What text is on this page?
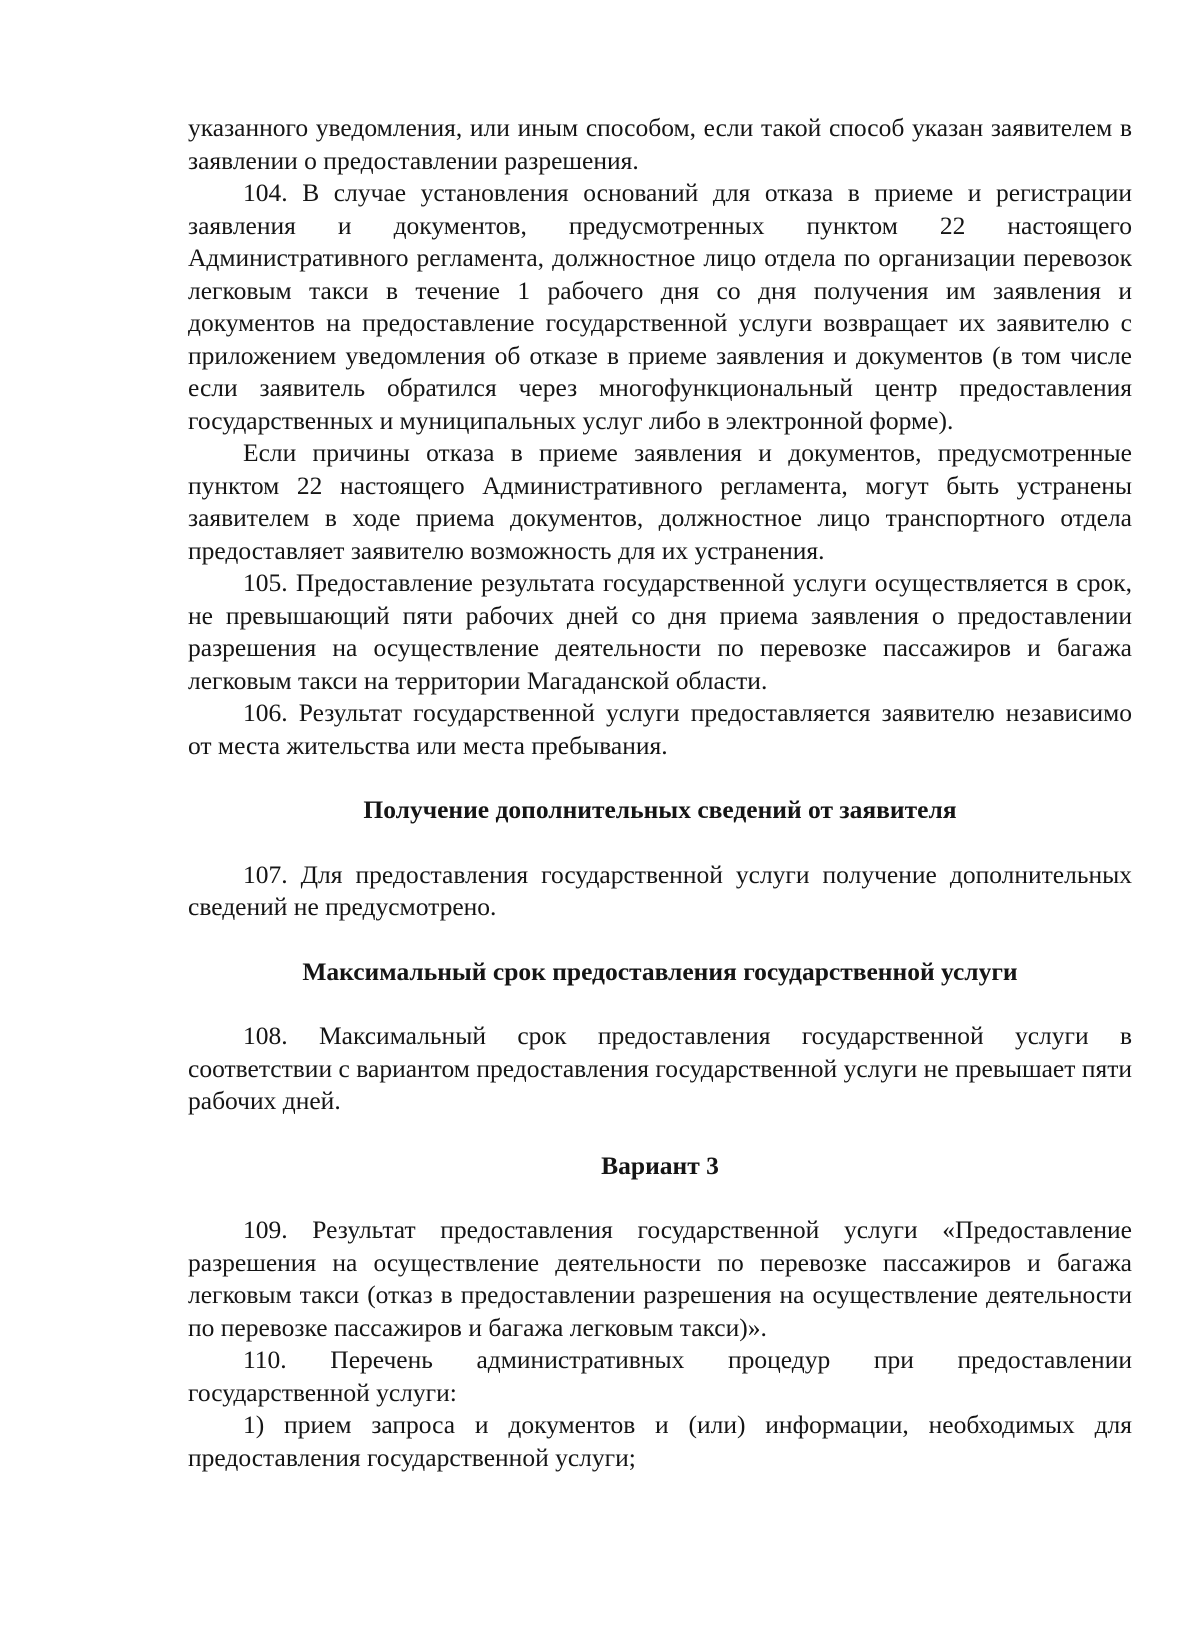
указанного уведомления, или иным способом, если такой способ указан заявителем в заявлении о предоставлении разрешения.

104. В случае установления оснований для отказа в приеме и регистрации заявления и документов, предусмотренных пунктом 22 настоящего Административного регламента, должностное лицо отдела по организации перевозок легковым такси в течение 1 рабочего дня со дня получения им заявления и документов на предоставление государственной услуги возвращает их заявителю с приложением уведомления об отказе в приеме заявления и документов (в том числе если заявитель обратился через многофункциональный центр предоставления государственных и муниципальных услуг либо в электронной форме).

Если причины отказа в приеме заявления и документов, предусмотренные пунктом 22 настоящего Административного регламента, могут быть устранены заявителем в ходе приема документов, должностное лицо транспортного отдела предоставляет заявителю возможность для их устранения.

105. Предоставление результата государственной услуги осуществляется в срок, не превышающий пяти рабочих дней со дня приема заявления о предоставлении разрешения на осуществление деятельности по перевозке пассажиров и багажа легковым такси на территории Магаданской области.

106. Результат государственной услуги предоставляется заявителю независимо от места жительства или места пребывания.

Получение дополнительных сведений от заявителя

107. Для предоставления государственной услуги получение дополнительных сведений не предусмотрено.

Максимальный срок предоставления государственной услуги

108. Максимальный срок предоставления государственной услуги в соответствии с вариантом предоставления государственной услуги не превышает пяти рабочих дней.

Вариант 3

109. Результат предоставления государственной услуги «Предоставление разрешения на осуществление деятельности по перевозке пассажиров и багажа легковым такси (отказ в предоставлении разрешения на осуществление деятельности по перевозке пассажиров и багажа легковым такси)».

110. Перечень административных процедур при предоставлении государственной услуги:

1) прием запроса и документов и (или) информации, необходимых для предоставления государственной услуги;
